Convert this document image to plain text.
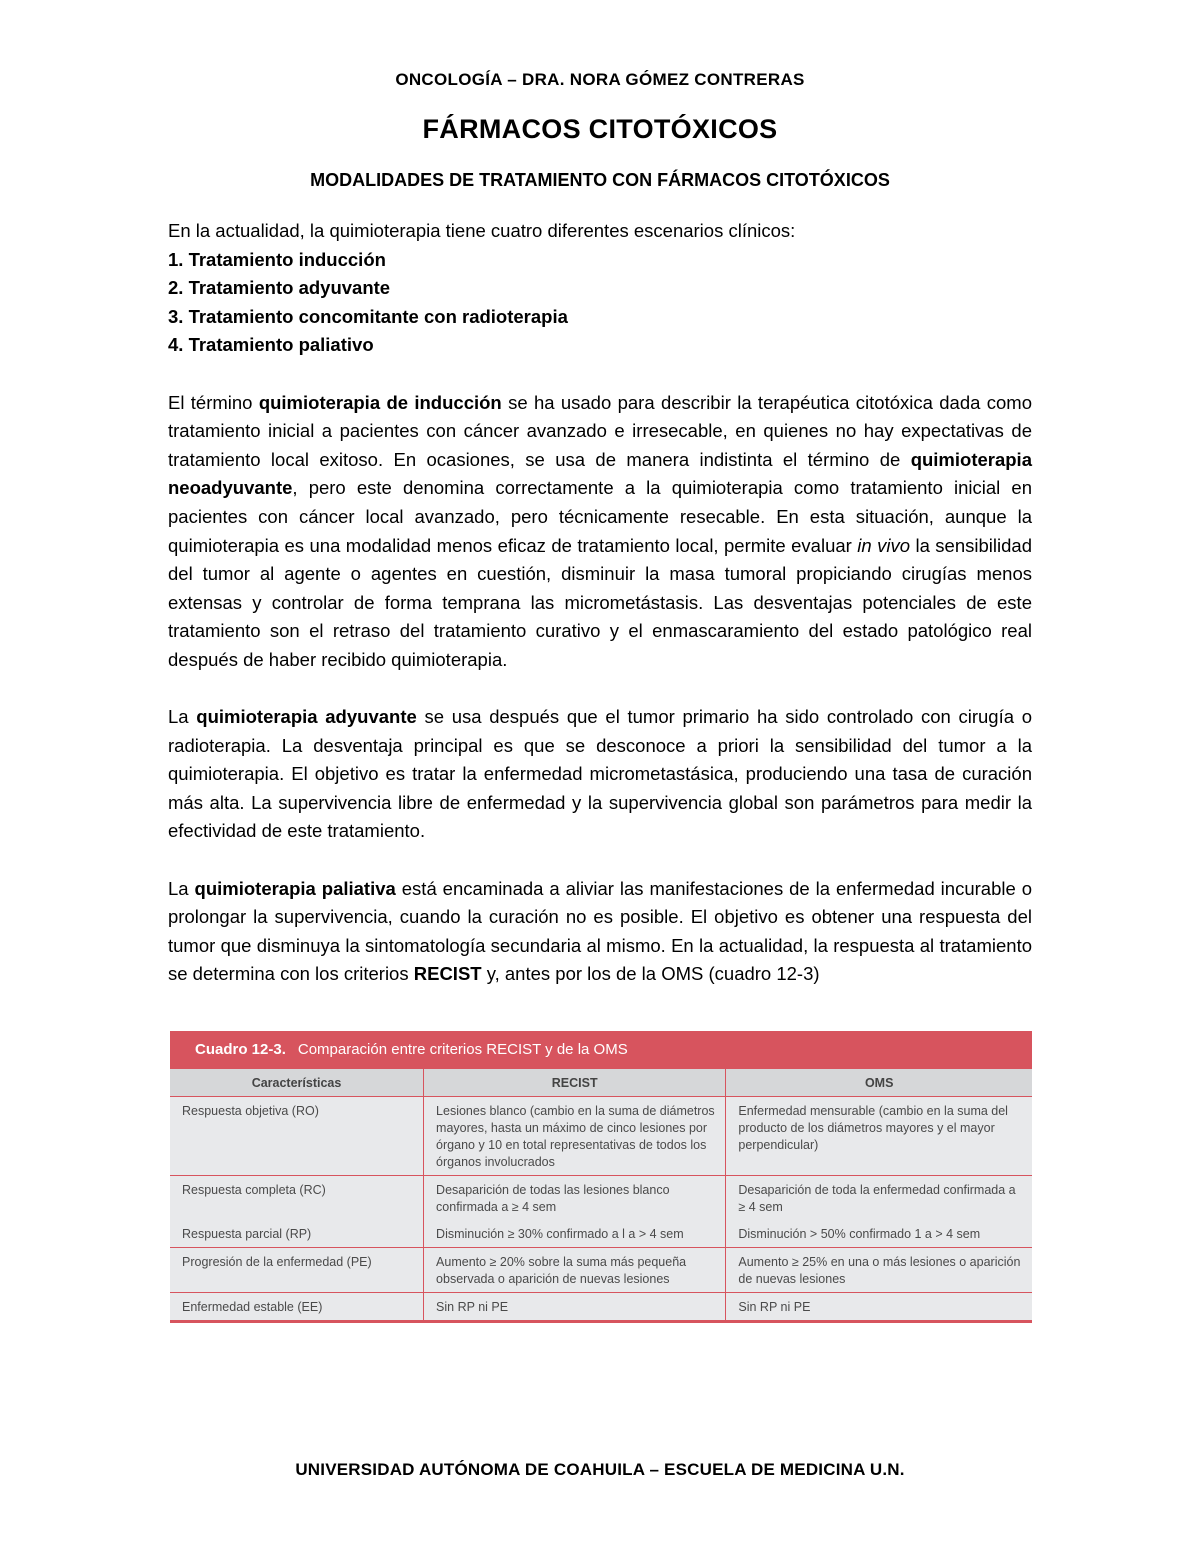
ONCOLOGÍA – DRA. NORA GÓMEZ CONTRERAS
FÁRMACOS CITOTÓXICOS
MODALIDADES DE TRATAMIENTO CON FÁRMACOS CITOTÓXICOS

En la actualidad, la quimioterapia tiene cuatro diferentes escenarios clínicos:

1. Tratamiento inducción
2. Tratamiento adyuvante
3. Tratamiento concomitante con radioterapia
4. Tratamiento paliativo

El término quimioterapia de inducción se ha usado para describir la terapéutica citotóxica dada como tratamiento inicial a pacientes con cáncer avanzado e irresecable, en quienes no hay expectativas de tratamiento local exitoso. En ocasiones, se usa de manera indistinta el término de quimioterapia neoadyuvante, pero este denomina correctamente a la quimioterapia como tratamiento inicial en pacientes con cáncer local avanzado, pero técnicamente resecable. En esta situación, aunque la quimioterapia es una modalidad menos eficaz de tratamiento local, permite evaluar in vivo la sensibilidad del tumor al agente o agentes en cuestión, disminuir la masa tumoral propiciando cirugías menos extensas y controlar de forma temprana las micrometástasis. Las desventajas potenciales de este tratamiento son el retraso del tratamiento curativo y el enmascaramiento del estado patológico real después de haber recibido quimioterapia.

La quimioterapia adyuvante se usa después que el tumor primario ha sido controlado con cirugía o radioterapia. La desventaja principal es que se desconoce a priori la sensibilidad del tumor a la quimioterapia. El objetivo es tratar la enfermedad micrometastásica, produciendo una tasa de curación más alta. La supervivencia libre de enfermedad y la supervivencia global son parámetros para medir la efectividad de este tratamiento.

La quimioterapia paliativa está encaminada a aliviar las manifestaciones de la enfermedad incurable o prolongar la supervivencia, cuando la curación no es posible. El objetivo es obtener una respuesta del tumor que disminuya la sintomatología secundaria al mismo. En la actualidad, la respuesta al tratamiento se determina con los criterios RECIST y, antes por los de la OMS (cuadro 12-3)

Cuadro 12-3. Comparación entre criterios RECIST y de la OMS
Características	RECIST	OMS
Respuesta objetiva (RO)	Lesiones blanco (cambio en la suma de diámetros mayores, hasta un máximo de cinco lesiones por órgano y 10 en total representativas de todos los órganos involucrados	Enfermedad mensurable (cambio en la suma del producto de los diámetros mayores y el mayor perpendicular)
Respuesta completa (RC)	Desaparición de todas las lesiones blanco confirmada a ≥ 4 sem	Desaparición de toda la enfermedad confirmada a ≥ 4 sem
Respuesta parcial (RP)	Disminución ≥ 30% confirmado a l a > 4 sem	Disminución > 50% confirmado 1 a > 4 sem
Progresión de la enfermedad (PE)	Aumento ≥ 20% sobre la suma más pequeña observada o aparición de nuevas lesiones	Aumento ≥ 25% en una o más lesiones o aparición de nuevas lesiones
Enfermedad estable (EE)	Sin RP ni PE	Sin RP ni PE
UNIVERSIDAD AUTÓNOMA DE COAHUILA – ESCUELA DE MEDICINA U.N.
